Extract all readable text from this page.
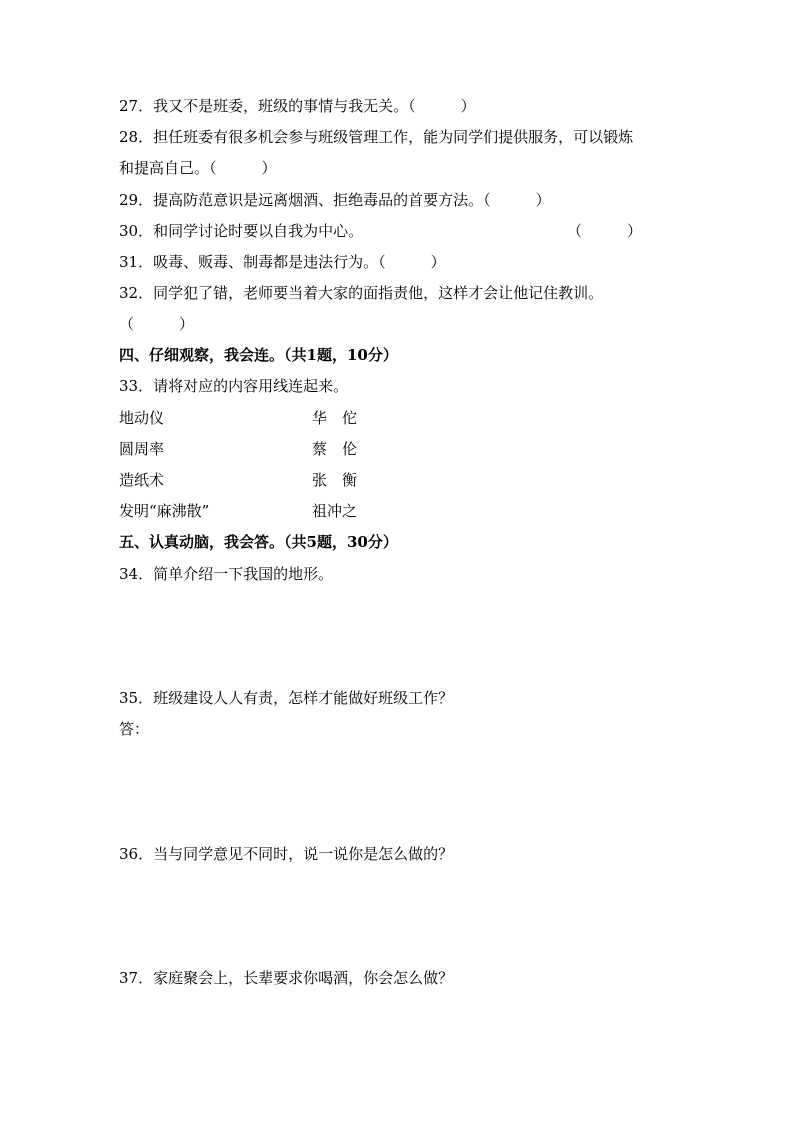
27．我又不是班委，班级的事情与我无关。（　　　）
28．担任班委有很多机会参与班级管理工作，能为同学们提供服务，可以锻炼
和提高自己。（　　　）
29．提高防范意识是远离烟酒、拒绝毒品的首要方法。（　　　）
30．和同学讨论时要以自我为中心。	（　　　）
31．吸毒、贩毒、制毒都是违法行为。（　　　）
32．同学犯了错，老师要当着大家的面指责他，这样才会让他记住教训。
（　　　）
四、仔细观察，我会连。（共1题，10分）
33．请将对应的内容用线连起来。
地动仪	华　佗
圆周率	蔡　伦
造纸术	张　衡
发明“麻沸散”	祖冲之
五、认真动脑，我会答。（共5题，30分）
34．简单介绍一下我国的地形。
35．班级建设人人有责，怎样才能做好班级工作？
答：
36．当与同学意见不同时，说一说你是怎么做的？
37．家庭聚会上，长辈要求你喝酒，你会怎么做？
